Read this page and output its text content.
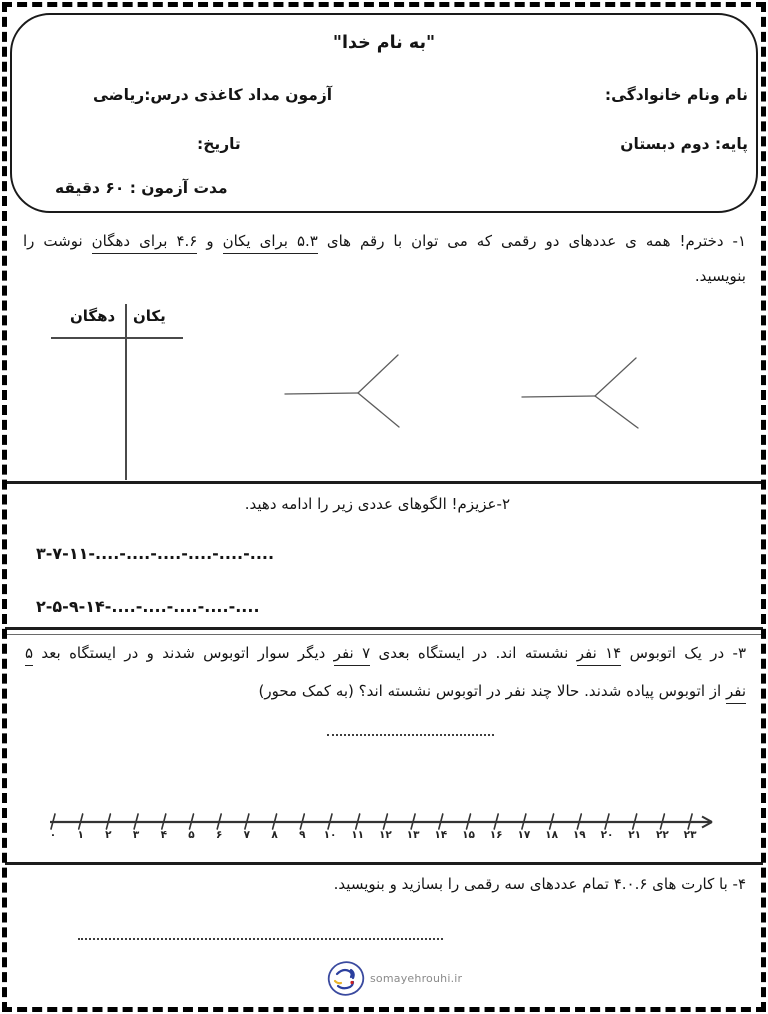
"به نام خدا"
نام ونام خانوادگی:
آزمون مداد کاغذی درس:ریاضی
پایه: دوم دبستان
تاریخ:
مدت آزمون : ۶۰ دقیقه
۱- دخترم! همه ی عددهای دو رقمی که می توان با رقم های ۵.۳ برای یکان و ۴.۶ برای دهگان نوشت را
بنویسید.
یکان
دهگان
۲-عزیزم! الگوهای عددی زیر را ادامه دهید.
۳-۷-۱۱-....-....-....-....-....-....
۲-۵-۹-۱۴-....-....-....-....-....
۳- در یک اتوبوس ۱۴ نفر نشسته اند. در ایستگاه بعدی ۷ نفر دیگر سوار اتوبوس شدند و در ایستگاه بعد ۵
نفر از اتوبوس پیاده شدند. حالا چند نفر در اتوبوس نشسته اند؟ (به کمک محور)
۰ ۱ ۲ ۳ ۴ ۵ ۶ ۷ ۸ ۹ ۱۰ ۱۱ ۱۲ ۱۳ ۱۴ ۱۵ ۱۶ ۱۷ ۱۸ ۱۹ ۲۰ ۲۱ ۲۲ ۲۳
۴- با کارت های ۴.۰.۶ تمام عددهای سه رقمی را بسازید و بنویسید.
somayehrouhi.ir
